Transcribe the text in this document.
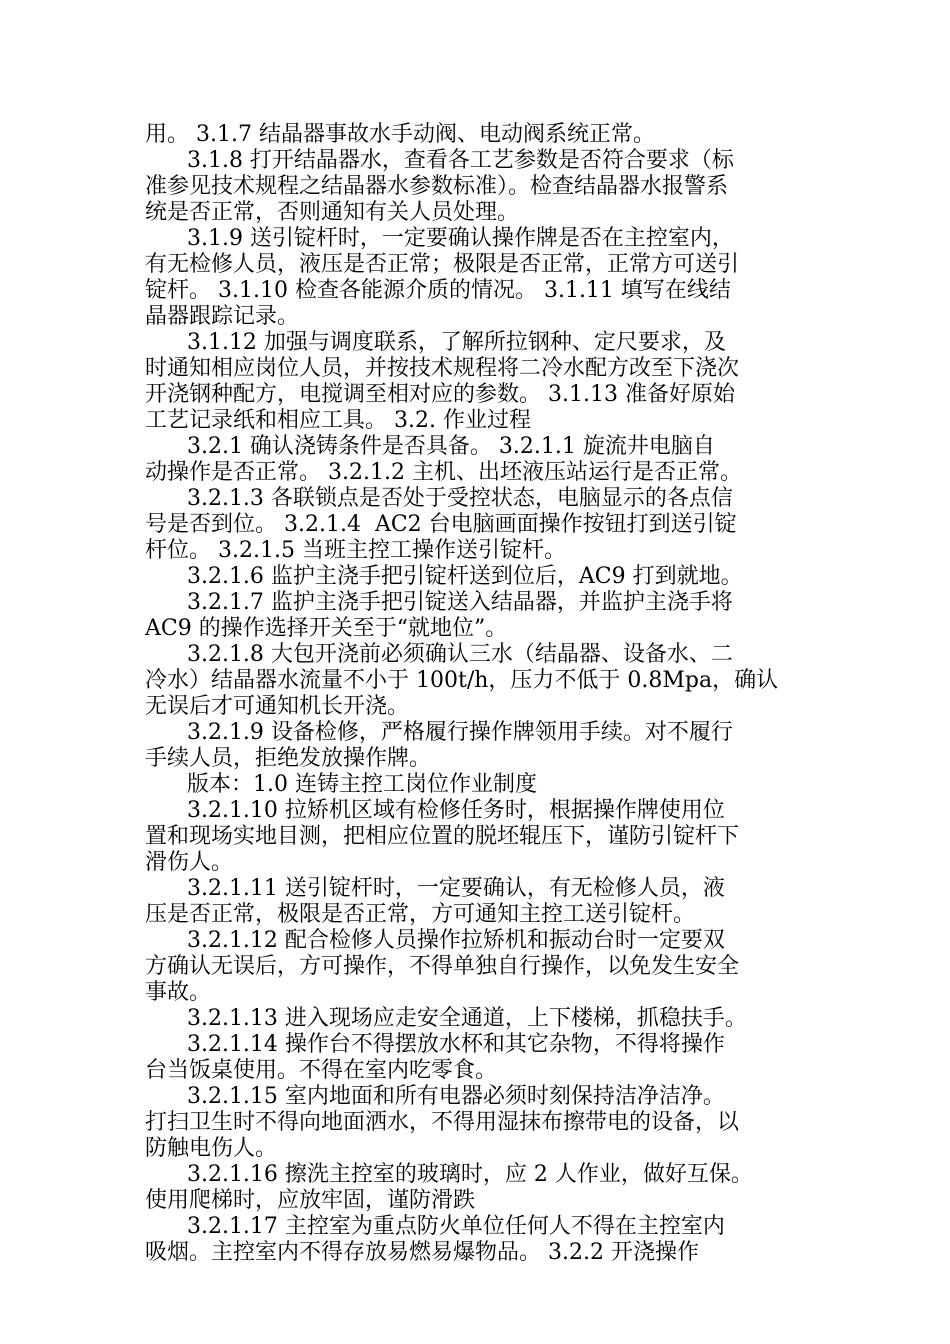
用。 3.1.7 结晶器事故水手动阀、电动阀系统正常。
3.1.8 打开结晶器水，查看各工艺参数是否符合要求（标
准参见技术规程之结晶器水参数标准）。检查结晶器水报警系
统是否正常，否则通知有关人员处理。
3.1.9 送引锭杆时，一定要确认操作牌是否在主控室内，
有无检修人员，液压是否正常；极限是否正常，正常方可送引
锭杆。 3.1.10 检查各能源介质的情况。 3.1.11 填写在线结
晶器跟踪记录。
3.1.12 加强与调度联系，了解所拉钢种、定尺要求，及
时通知相应岗位人员，并按技术规程将二冷水配方改至下浇次
开浇钢种配方，电搅调至相对应的参数。 3.1.13 准备好原始
工艺记录纸和相应工具。 3.2. 作业过程
3.2.1 确认浇铸条件是否具备。 3.2.1.1 旋流井电脑自
动操作是否正常。 3.2.1.2 主机、出坯液压站运行是否正常。
3.2.1.3 各联锁点是否处于受控状态，电脑显示的各点信
号是否到位。 3.2.1.4  AC2 台电脑画面操作按钮打到送引锭
杆位。 3.2.1.5 当班主控工操作送引锭杆。
3.2.1.6 监护主浇手把引锭杆送到位后，AC9 打到就地。
3.2.1.7 监护主浇手把引锭送入结晶器，并监护主浇手将
AC9 的操作选择开关至于“就地位”。
3.2.1.8 大包开浇前必须确认三水（结晶器、设备水、二
冷水）结晶器水流量不小于 100t/h，压力不低于 0.8Mpa，确认
无误后才可通知机长开浇。
3.2.1.9 设备检修，严格履行操作牌领用手续。对不履行
手续人员，拒绝发放操作牌。
版本：1.0 连铸主控工岗位作业制度
3.2.1.10 拉矫机区域有检修任务时，根据操作牌使用位
置和现场实地目测，把相应位置的脱坯辊压下，谨防引锭杆下
滑伤人。
3.2.1.11 送引锭杆时，一定要确认，有无检修人员，液
压是否正常，极限是否正常，方可通知主控工送引锭杆。
3.2.1.12 配合检修人员操作拉矫机和振动台时一定要双
方确认无误后，方可操作，不得单独自行操作，以免发生安全
事故。
3.2.1.13 进入现场应走安全通道，上下楼梯，抓稳扶手。
3.2.1.14 操作台不得摆放水杯和其它杂物，不得将操作
台当饭桌使用。不得在室内吃零食。
3.2.1.15 室内地面和所有电器必须时刻保持洁净洁净。
打扫卫生时不得向地面洒水，不得用湿抹布擦带电的设备，以
防触电伤人。
3.2.1.16 擦洗主控室的玻璃时，应 2 人作业，做好互保。
使用爬梯时，应放牢固，谨防滑跌
3.2.1.17 主控室为重点防火单位任何人不得在主控室内
吸烟。主控室内不得存放易燃易爆物品。 3.2.2 开浇操作
